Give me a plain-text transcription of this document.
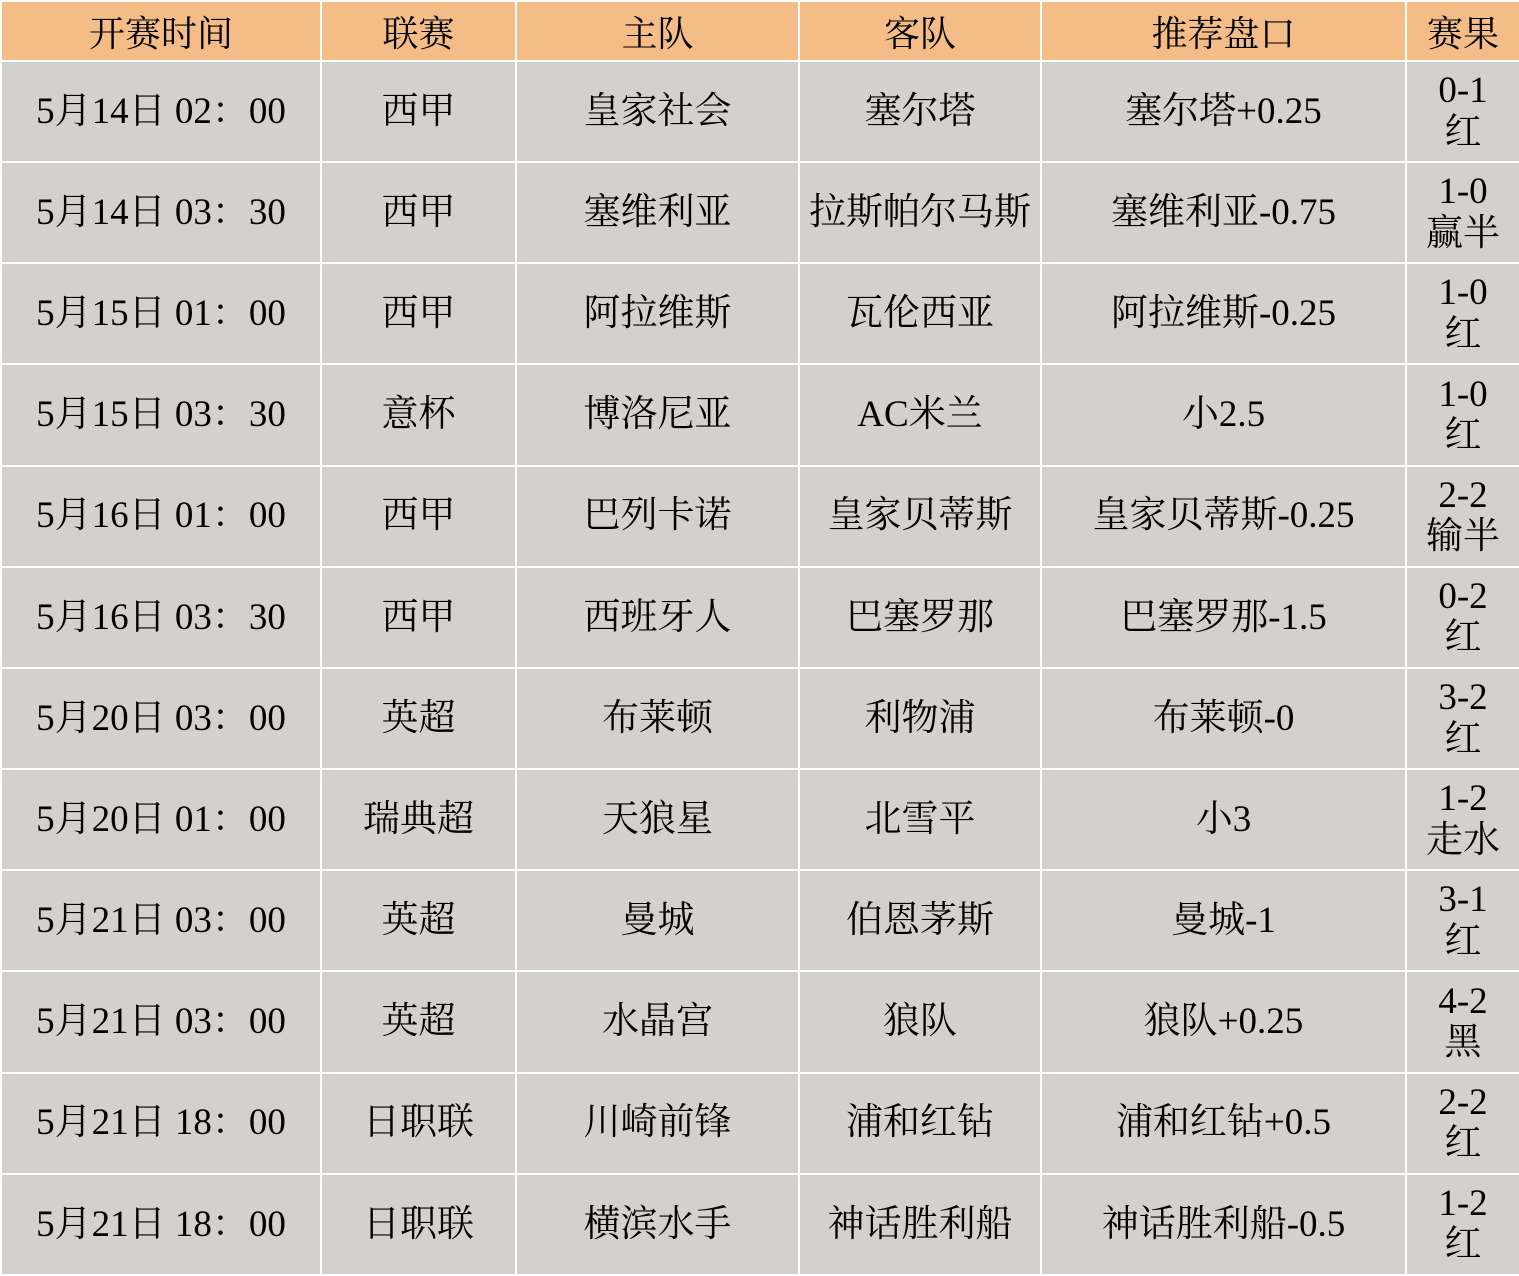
开赛时间	联赛	主队	客队	推荐盘口	赛果

5月14日 02：00	西甲	皇家社会	塞尔塔	塞尔塔+0.25	0-1
红

5月14日 03：30	西甲	塞维利亚	拉斯帕尔马斯	塞维利亚-0.75	1-0
赢半

5月15日 01：00	西甲	阿拉维斯	瓦伦西亚	阿拉维斯-0.25	1-0
红

5月15日 03：30	意杯	博洛尼亚	AC米兰	小2.5	1-0
红

5月16日 01：00	西甲	巴列卡诺	皇家贝蒂斯	皇家贝蒂斯-0.25	2-2
输半

5月16日 03：30	西甲	西班牙人	巴塞罗那	巴塞罗那-1.5	0-2
红

5月20日 03：00	英超	布莱顿	利物浦	布莱顿-0	3-2
红

5月20日 01：00	瑞典超	天狼星	北雪平	小3	1-2
走水

5月21日 03：00	英超	曼城	伯恩茅斯	曼城-1	3-1
红

5月21日 03：00	英超	水晶宫	狼队	狼队+0.25	4-2
黑

5月21日 18：00	日职联	川崎前锋	浦和红钻	浦和红钻+0.5	2-2
红

5月21日 18：00	日职联	横滨水手	神话胜利船	神话胜利船-0.5	1-2
红
